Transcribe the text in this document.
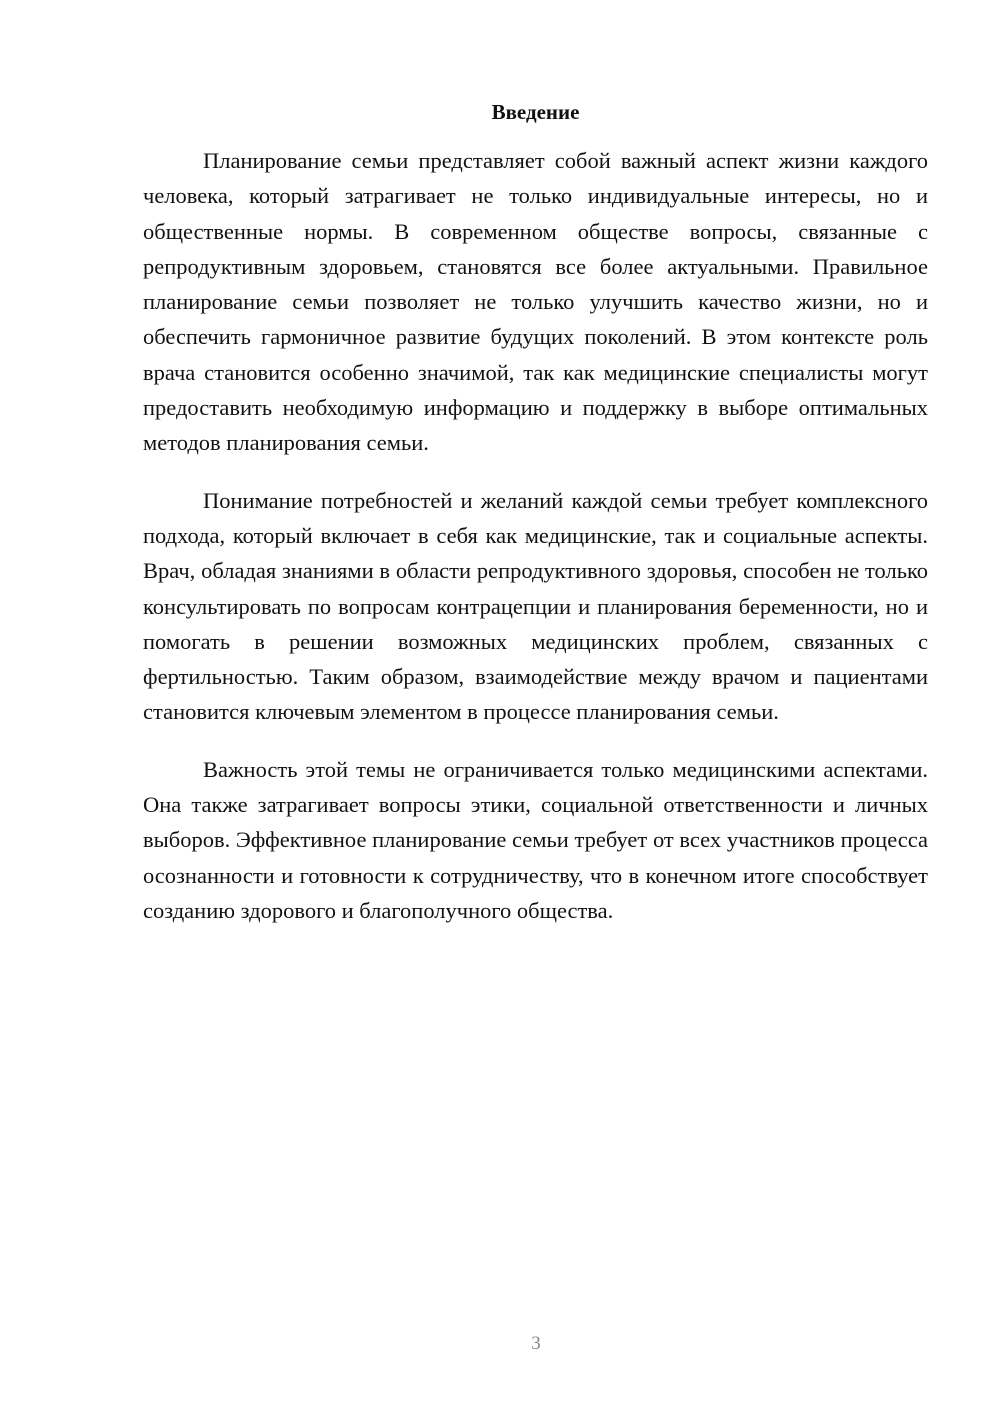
Введение

Планирование семьи представляет собой важный аспект жизни каждого человека, который затрагивает не только индивидуальные интересы, но и общественные нормы. В современном обществе вопросы, связанные с репродуктивным здоровьем, становятся все более актуальными. Правильное планирование семьи позволяет не только улучшить качество жизни, но и обеспечить гармоничное развитие будущих поколений. В этом контексте роль врача становится особенно значимой, так как медицинские специалисты могут предоставить необходимую информацию и поддержку в выборе оптимальных методов планирования семьи.

Понимание потребностей и желаний каждой семьи требует комплексного подхода, который включает в себя как медицинские, так и социальные аспекты. Врач, обладая знаниями в области репродуктивного здоровья, способен не только консультировать по вопросам контрацепции и планирования беременности, но и помогать в решении возможных медицинских проблем, связанных с фертильностью. Таким образом, взаимодействие между врачом и пациентами становится ключевым элементом в процессе планирования семьи.

Важность этой темы не ограничивается только медицинскими аспектами. Она также затрагивает вопросы этики, социальной ответственности и личных выборов. Эффективное планирование семьи требует от всех участников процесса осознанности и готовности к сотрудничеству, что в конечном итоге способствует созданию здорового и благополучного общества.

3
